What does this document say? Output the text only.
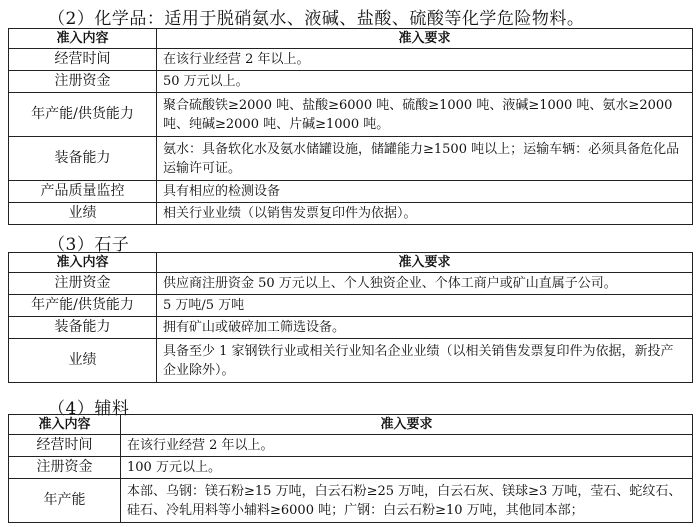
（2）化学品：适用于脱硝氨水、液碱、盐酸、硫酸等化学危险物料。
准入内容	准入要求
经营时间	在该行业经营 2 年以上。
注册资金	50 万元以上。
年产能/供货能力	聚合硫酸铁≥2000 吨、盐酸≥6000 吨、硫酸≥1000 吨、液碱≥1000 吨、氨水≥2000 吨、纯碱≥2000 吨、片碱≥1000 吨。
装备能力	氨水：具备软化水及氨水储罐设施，储罐能力≥1500 吨以上；运输车辆：必须具备危化品运输许可证。
产品质量监控	具有相应的检测设备
业绩	相关行业业绩（以销售发票复印件为依据）。
（3）石子
准入内容	准入要求
注册资金	供应商注册资金 50 万元以上、个人独资企业、个体工商户或矿山直属子公司。
年产能/供货能力	5 万吨/5 万吨
装备能力	拥有矿山或破碎加工筛选设备。
业绩	具备至少 1 家钢铁行业或相关行业知名企业业绩（以相关销售发票复印件为依据，新投产企业除外）。
（4）辅料
准入内容	准入要求
经营时间	在该行业经营 2 年以上。
注册资金	100 万元以上。
年产能	本部、乌钢：镁石粉≥15 万吨，白云石粉≥25 万吨，白云石灰、镁球≥3 万吨，莹石、蛇纹石、硅石、冷轧用料等小辅料≥6000 吨；广钢：白云石粉≥10 万吨，其他同本部；
